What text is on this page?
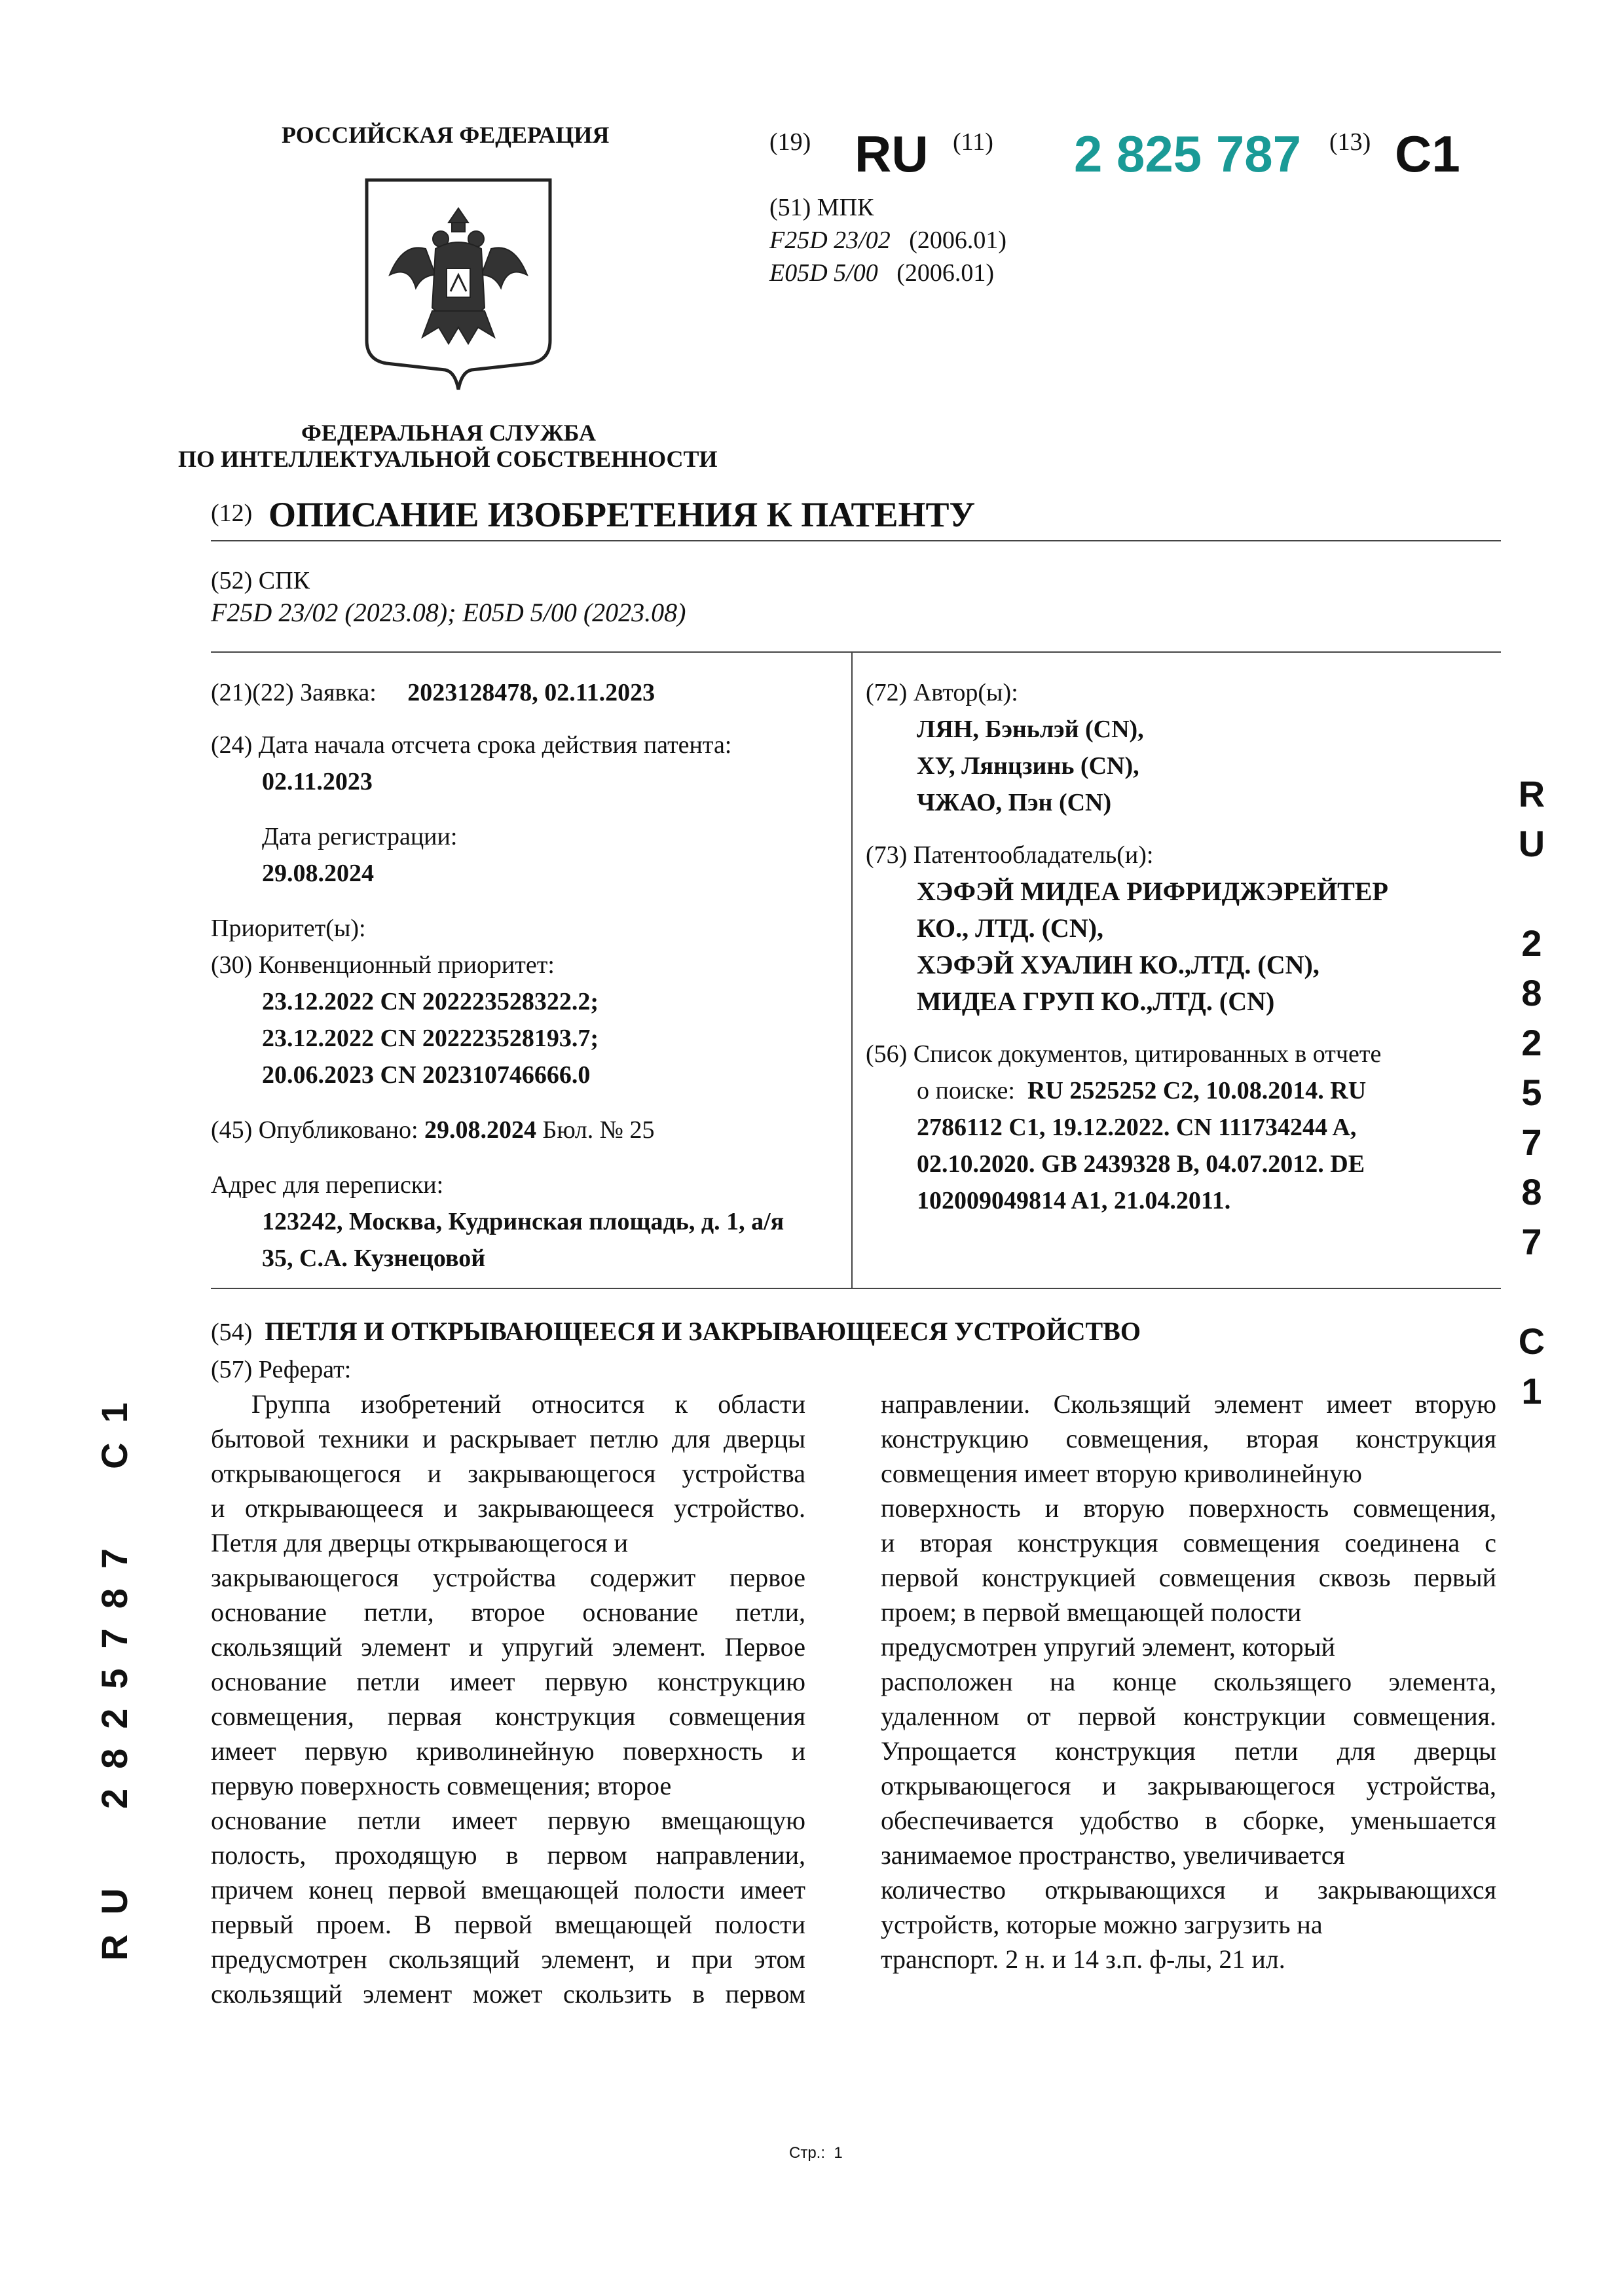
РОССИЙСКАЯ ФЕДЕРАЦИЯ
ФЕДЕРАЛЬНАЯ СЛУЖБА
ПО ИНТЕЛЛЕКТУАЛЬНОЙ СОБСТВЕННОСТИ
(19) RU (11) 2 825 787 (13) C1
(51) МПК
F25D 23/02 (2006.01)
E05D 5/00 (2006.01)
(12) ОПИСАНИЕ ИЗОБРЕТЕНИЯ К ПАТЕНТУ
(52) СПК
F25D 23/02 (2023.08); E05D 5/00 (2023.08)
(21)(22) Заявка: 2023128478, 02.11.2023
(24) Дата начала отсчета срока действия патента:
02.11.2023
Дата регистрации:
29.08.2024
Приоритет(ы):
(30) Конвенционный приоритет:
23.12.2022 CN 202223528322.2;
23.12.2022 CN 202223528193.7;
20.06.2023 CN 202310746666.0
(45) Опубликовано: 29.08.2024 Бюл. № 25
Адрес для переписки:
123242, Москва, Кудринская площадь, д. 1, а/я
35, С.А. Кузнецовой
(72) Автор(ы):
ЛЯН, Бэньлэй (CN),
ХУ, Лянцзинь (CN),
ЧЖАО, Пэн (CN)
(73) Патентообладатель(и):
ХЭФЭЙ МИДЕА РИФРИДЖЭРЕЙТЕР
КО., ЛТД. (CN),
ХЭФЭЙ ХУАЛИН КО.,ЛТД. (CN),
МИДЕА ГРУП КО.,ЛТД. (CN)
(56) Список документов, цитированных в отчете
о поиске: RU 2525252 C2, 10.08.2014. RU
2786112 C1, 19.12.2022. CN 111734244 A,
02.10.2020. GB 2439328 B, 04.07.2012. DE
102009049814 A1, 21.04.2011.
(54) ПЕТЛЯ И ОТКРЫВАЮЩЕЕСЯ И ЗАКРЫВАЮЩЕЕСЯ УСТРОЙСТВО
(57) Реферат:
Группа изобретений относится к области
бытовой техники и раскрывает петлю для дверцы
открывающегося и закрывающегося устройства
и открывающееся и закрывающееся устройство.
Петля для дверцы открывающегося и
закрывающегося устройства содержит первое
основание петли, второе основание петли,
скользящий элемент и упругий элемент. Первое
основание петли имеет первую конструкцию
совмещения, первая конструкция совмещения
имеет первую криволинейную поверхность и
первую поверхность совмещения; второе
основание петли имеет первую вмещающую
полость, проходящую в первом направлении,
причем конец первой вмещающей полости имеет
первый проем. В первой вмещающей полости
предусмотрен скользящий элемент, и при этом
скользящий элемент может скользить в первом
направлении. Скользящий элемент имеет вторую
конструкцию совмещения, вторая конструкция
совмещения имеет вторую криволинейную
поверхность и вторую поверхность совмещения,
и вторая конструкция совмещения соединена с
первой конструкцией совмещения сквозь первый
проем; в первой вмещающей полости
предусмотрен упругий элемент, который
расположен на конце скользящего элемента,
удаленном от первой конструкции совмещения.
Упрощается конструкция петли для дверцы
открывающегося и закрывающегося устройства,
обеспечивается удобство в сборке, уменьшается
занимаемое пространство, увеличивается
количество открывающихся и закрывающихся
устройств, которые можно загрузить на
транспорт. 2 н. и 14 з.п. ф-лы, 21 ил.
R
U
2
8
2
5
7
8
7
C
1
RU  2825787  C1
Стр.: 1
